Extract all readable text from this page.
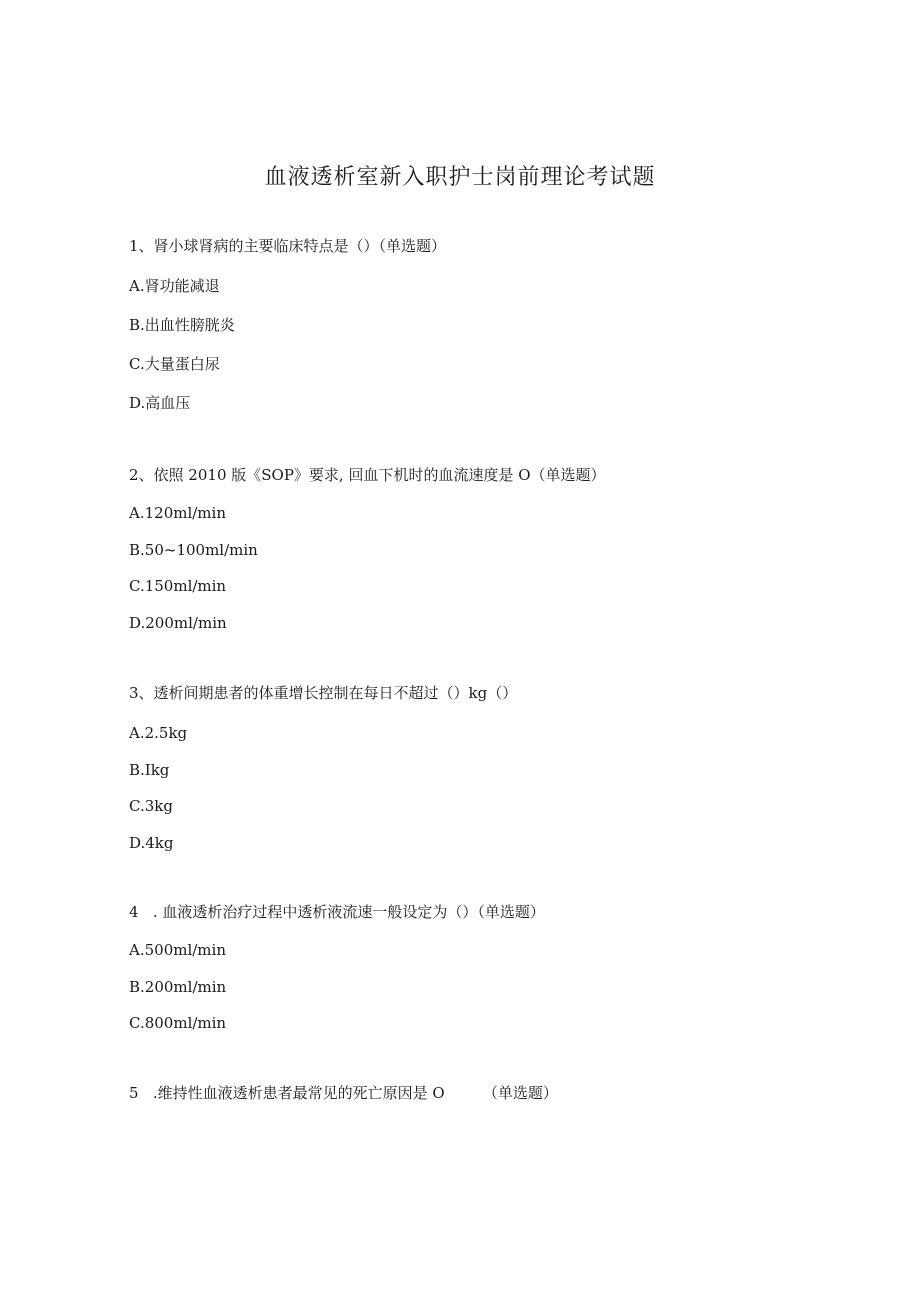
血液透析室新入职护士岗前理论考试题
1、肾小球肾病的主要临床特点是（）（单选题）
A.肾功能减退
B.出血性膀胱炎
C.大量蛋白尿
D.高血压
2、依照 2010 版《SOP》要求, 回血下机时的血流速度是 O（单选题）
A.120ml∕min
B.50~100ml∕min
C.150ml∕min
D.200ml∕min
3、透析间期患者的体重增长控制在每日不超过（）kg（）
A.2.5kg
B.Ikg
C.3kg
D.4kg
4   . 血液透析治疗过程中透析液流速一般设定为（）（单选题）
A.500ml∕min
B.200ml∕min
C.800ml∕min
5   .维持性血液透析患者最常见的死亡原因是 O        （单选题）
